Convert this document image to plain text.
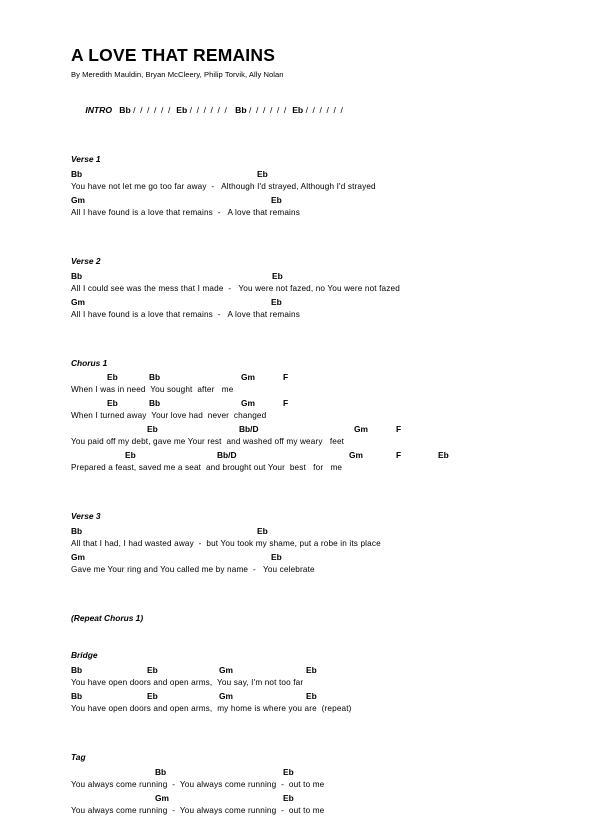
A LOVE THAT REMAINS
By Meredith Mauldin, Bryan McCleery, Philip Torvik, Ally Nolan

INTRO Bb / / / / / / Eb / / / / / / Bb / / / / / / Eb / / / / / /

Verse 1
Bb	Eb
You have not let me go too far away  -   Although I'd strayed, Although I'd strayed
Gm	Eb
All I have found is a love that remains  -   A love that remains
Verse 2
Bb	Eb
All I could see was the mess that I made  -   You were not fazed, no You were not fazed
Gm	Eb
All I have found is a love that remains  -   A love that remains
Chorus 1
Eb	Bb	Gm	F
When I was in need  You sought  after   me
Eb	Bb	Gm	F
When I turned away  Your love had  never  changed
Eb	Bb/D	Gm	F
You paid off my debt, gave me Your rest  and washed off my weary   feet
Eb	Bb/D	Gm	F	Eb
Prepared a feast, saved me a seat  and brought out Your  best   for   me
Verse 3
Bb	Eb
All that I had, I had wasted away  -  but You took my shame, put a robe in its place
Gm	Eb
Gave me Your ring and You called me by name  -   You celebrate
(Repeat Chorus 1)
Bridge
Bb	Eb	Gm	Eb
You have open doors and open arms,  You say, I'm not too far
Bb	Eb	Gm	Eb
You have open doors and open arms,  my home is where you are  (repeat)
Tag
Bb	Eb
You always come running  -  You always come running  -  out to me
Gm	Eb
You always come running  -  You always come running  -  out to me
